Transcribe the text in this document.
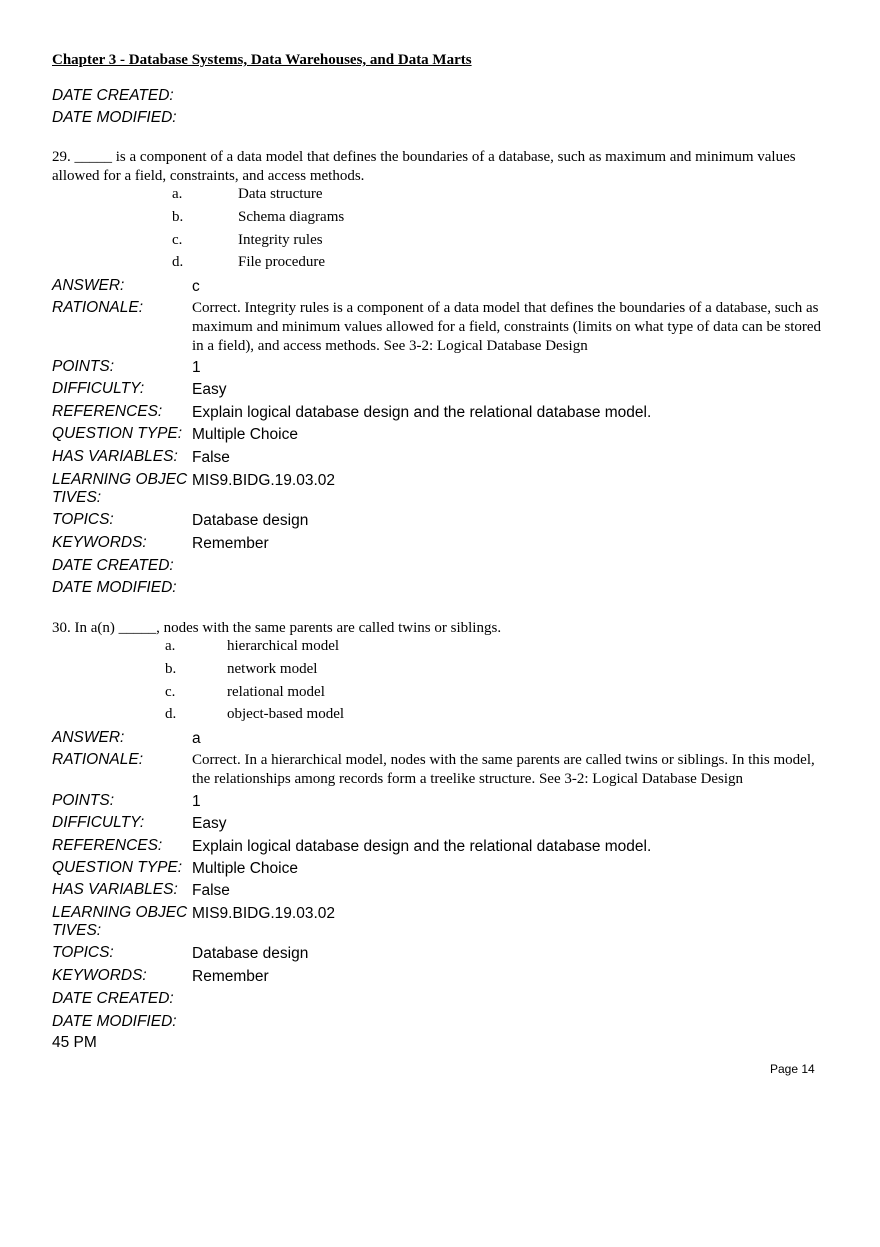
Chapter 3 - Database Systems, Data Warehouses, and Data Marts
DATE CREATED:
DATE MODIFIED:
29. _____ is a component of a data model that defines the boundaries of a database, such as maximum and minimum values allowed for a field, constraints, and access methods.
a.	Data structure
b.	Schema diagrams
c.	Integrity rules
d.	File procedure
ANSWER:	c
RATIONALE:	Correct. Integrity rules is a component of a data model that defines the boundaries of a database, such as maximum and minimum values allowed for a field, constraints (limits on what type of data can be stored in a field), and access methods. See 3-2: Logical Database Design
POINTS:	1
DIFFICULTY:	Easy
REFERENCES:	Explain logical database design and the relational database model.
QUESTION TYPE: Multiple Choice
HAS VARIABLES: False
LEARNING OBJECTIVES:
MIS9.BIDG.19.03.02
TOPICS:	Database design
KEYWORDS:	Remember
DATE CREATED:
DATE MODIFIED:
30. In a(n) _____, nodes with the same parents are called twins or siblings.
a.	hierarchical model
b.	network model
c.	relational model
d.	object-based model
ANSWER:	a
RATIONALE:	Correct. In a hierarchical model, nodes with the same parents are called twins or siblings. In this model, the relationships among records form a treelike structure. See 3-2: Logical Database Design
POINTS:	1
DIFFICULTY:	Easy
REFERENCES:	Explain logical database design and the relational database model.
QUESTION TYPE: Multiple Choice
HAS VARIABLES: False
LEARNING OBJECTIVES:
MIS9.BIDG.19.03.02
TOPICS:	Database design
KEYWORDS:	Remember
DATE CREATED:
DATE MODIFIED:
45 PM
Page 14
